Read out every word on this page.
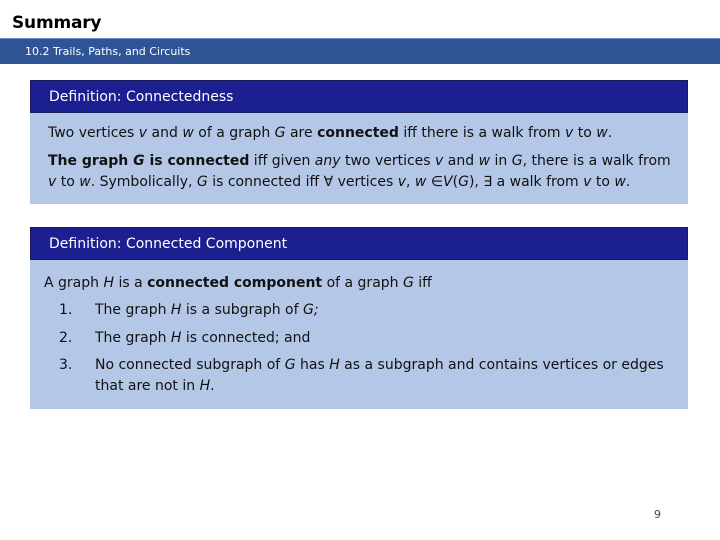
Summary
10.2 Trails, Paths, and Circuits
Definition: Connectedness
Two vertices v and w of a graph G are connected iff there is a walk from v to w.
The graph G is connected iff given any two vertices v and w in G, there is a walk from v to w. Symbolically, G is connected iff ∀ vertices v, w ∈V(G), ∃ a walk from v to w.
Definition: Connected Component
A graph H is a connected component of a graph G iff
1. The graph H is a subgraph of G;
2. The graph H is connected; and
3. No connected subgraph of G has H as a subgraph and contains vertices or edges that are not in H.
9
